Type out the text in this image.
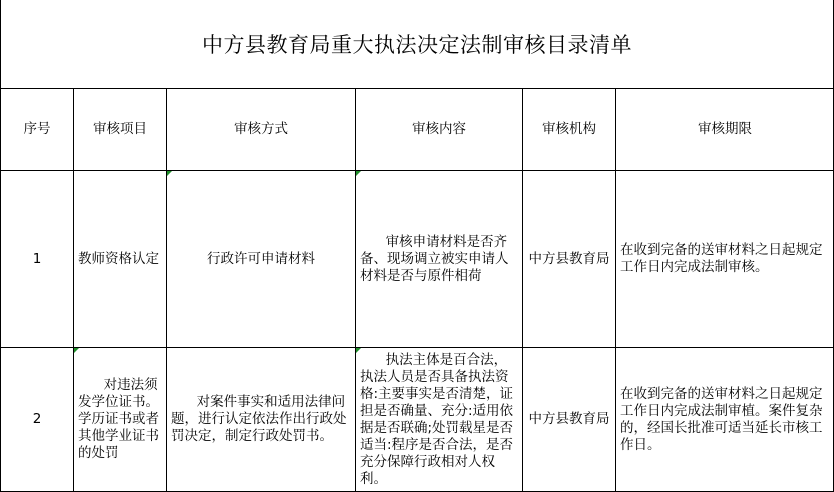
中方县教育局重大执法决定法制审核目录清单
序号	审核项目	审核方式	审核内容	审核机构	审核期限
1	教师资格认定	行政许可申请材料	审核申请材料是否齐备、现场调立被实申请人材料是否与原件相荷	中方县教育局	在收到完备的送审材料之日起规定工作日内完成法制审核。

2	对违法须发学位证书。学历证书或者其他学业证书的处罚	对案件事实和适用法律问题，进行认定依法作出行政处罚决定，制定行政处罚书。	执法主体是百合法，执法人员是否具备执法资格:主要事实是否清楚，证担是否确量、充分:适用依据是否联确;处罚载星是否适当:程序是否合法，是否充分保障行政相对人权利。	中方县教育局	在收到完备的送审材料之日起规定工作日内完成法制审植。案件复杂的，经国长批准可适当延长市核工作日。
